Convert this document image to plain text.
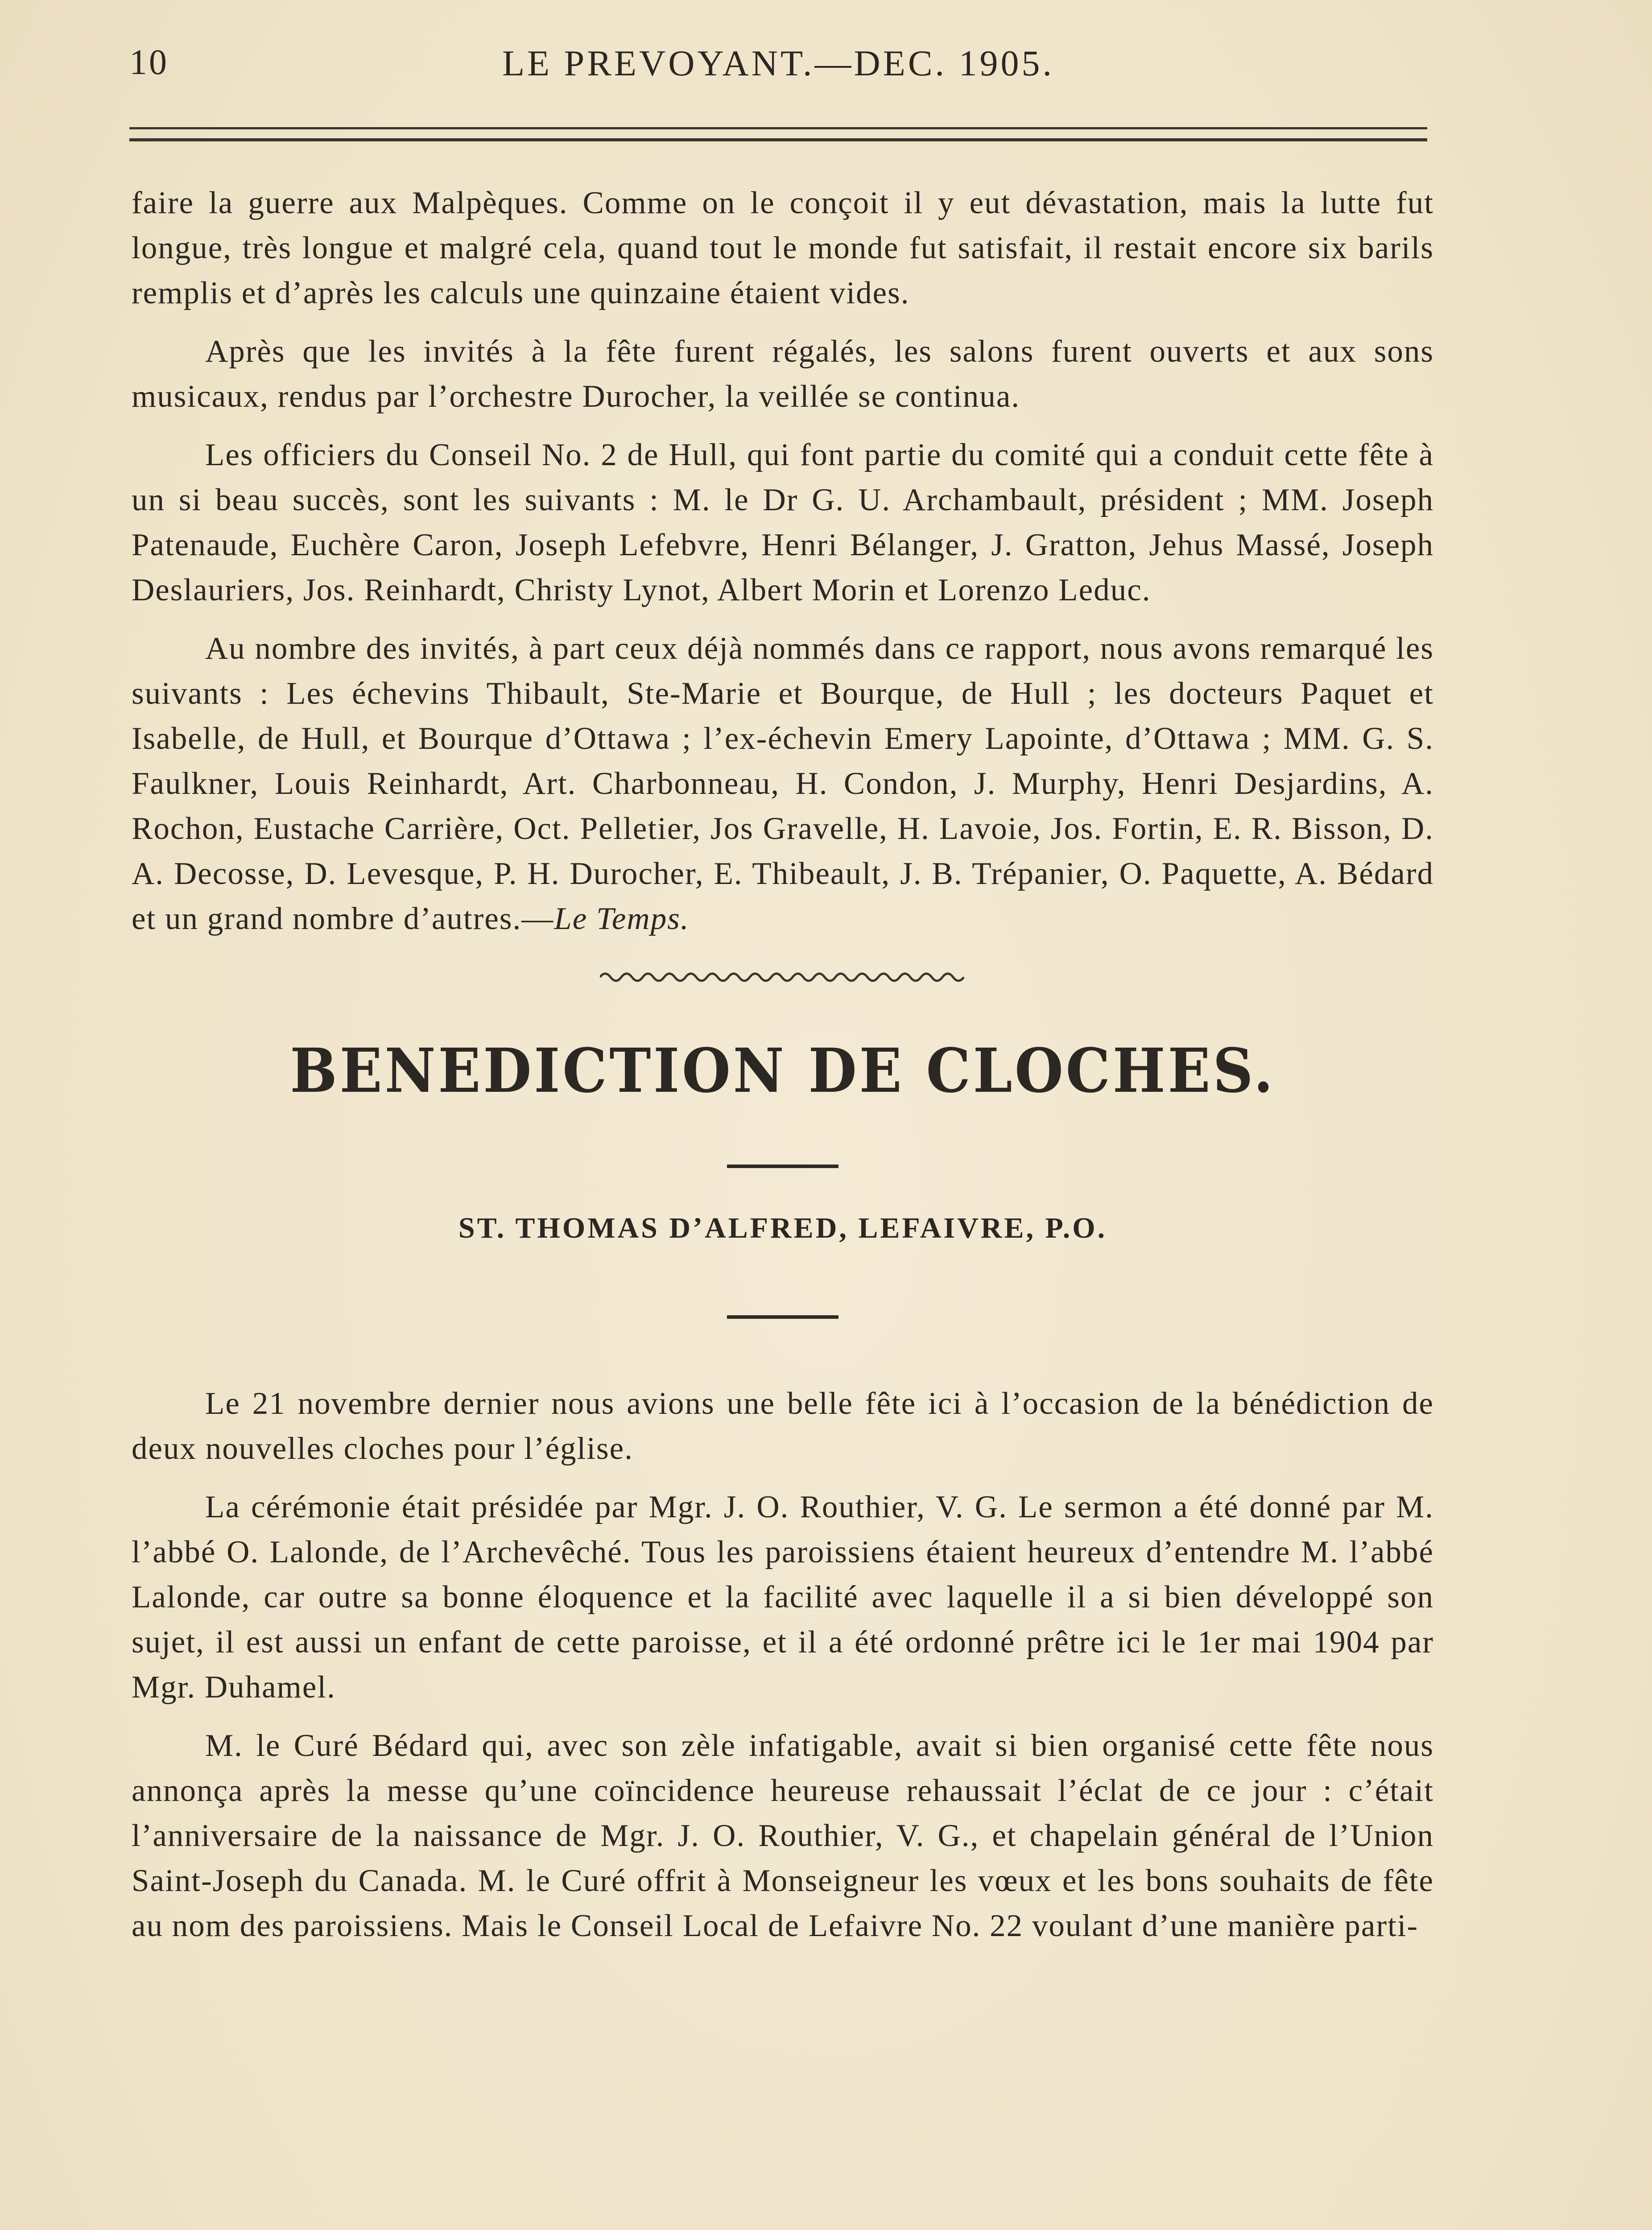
10	LE PREVOYANT.—DEC. 1905.

faire la guerre aux Malpèques. Comme on le conçoit il y eut dévastation, mais la lutte fut longue, très longue et malgré cela, quand tout le monde fut satisfait, il restait encore six barils remplis et d’après les calculs une quinzaine étaient vides.

Après que les invités à la fête furent régalés, les salons furent ouverts et aux sons musicaux, rendus par l’orchestre Durocher, la veillée se continua.

Les officiers du Conseil No. 2 de Hull, qui font partie du comité qui a conduit cette fête à un si beau succès, sont les suivants : M. le Dr G. U. Archambault, président ; MM. Joseph Patenaude, Euchère Caron, Joseph Lefebvre, Henri Bélanger, J. Gratton, Jehus Massé, Joseph Deslauriers, Jos. Reinhardt, Christy Lynot, Albert Morin et Lorenzo Leduc.

Au nombre des invités, à part ceux déjà nommés dans ce rapport, nous avons remarqué les suivants : Les échevins Thibault, Ste-Marie et Bourque, de Hull ; les docteurs Paquet et Isabelle, de Hull, et Bourque d’Ottawa ; l’ex-échevin Emery Lapointe, d’Ottawa ; MM. G. S. Faulkner, Louis Reinhardt, Art. Charbonneau, H. Condon, J. Murphy, Henri Desjardins, A. Rochon, Eustache Carrière, Oct. Pelletier, Jos Gravelle, H. Lavoie, Jos. Fortin, E. R. Bisson, D. A. Decosse, D. Levesque, P. H. Durocher, E. Thibeault, J. B. Trépanier, O. Paquette, A. Bédard et un grand nombre d’autres.—Le Temps.

BENEDICTION DE CLOCHES.
ST. THOMAS D’ALFRED, LEFAIVRE, P.O.

Le 21 novembre dernier nous avions une belle fête ici à l’occasion de la bénédiction de deux nouvelles cloches pour l’église.

La cérémonie était présidée par Mgr. J. O. Routhier, V. G. Le sermon a été donné par M. l’abbé O. Lalonde, de l’Archevêché. Tous les paroissiens étaient heureux d’entendre M. l’abbé Lalonde, car outre sa bonne éloquence et la facilité avec laquelle il a si bien développé son sujet, il est aussi un enfant de cette paroisse, et il a été ordonné prêtre ici le 1er mai 1904 par Mgr. Duhamel.

M. le Curé Bédard qui, avec son zèle infatigable, avait si bien organisé cette fête nous annonça après la messe qu’une coïncidence heureuse rehaussait l’éclat de ce jour : c’était l’anniversaire de la naissance de Mgr. J. O. Routhier, V. G., et chapelain général de l’Union Saint-Joseph du Canada. M. le Curé offrit à Monseigneur les vœux et les bons souhaits de fête au nom des paroissiens. Mais le Conseil Local de Lefaivre No. 22 voulant d’une manière parti-
